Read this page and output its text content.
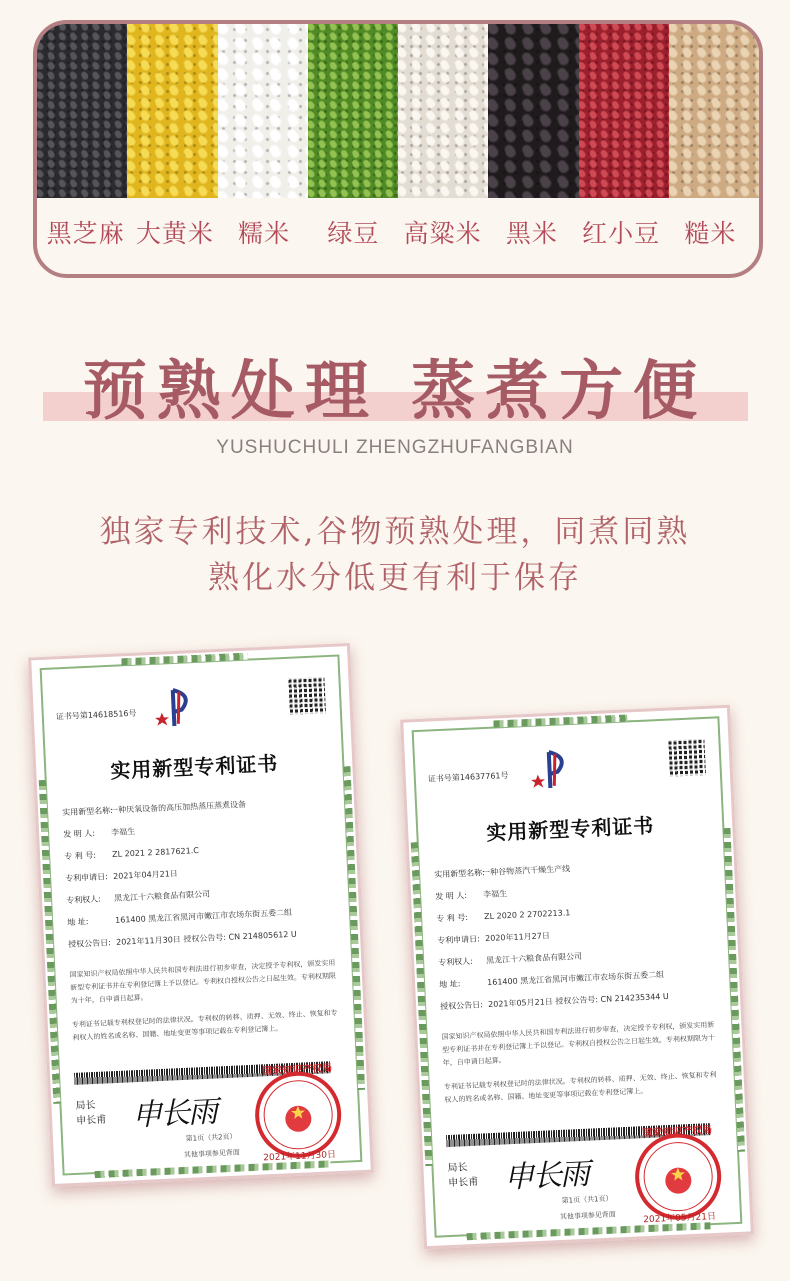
黑芝麻 大黄米 糯米	绿豆 高粱米 黑米 红小豆 糙米
预熟处理 蒸煮方便
YUSHUCHULI ZHENGZHUFANGBIAN
独家专利技术,谷物预熟处理，同煮同熟
熟化水分低更有利于保存
证书号第14618516号
实用新型专利证书
实用新型名称:一种厌氧设备的高压加热蒸压蒸煮设备
发 明 人: 李福生
专 利 号: ZL 2021 2 2817621.C
专利申请日: 2021年04月21日
专利权人: 黑龙江十六粮食品有限公司
地 址:	161400 黑龙江省黑河市嫩江市农场东街五委二组
授权公告日: 2021年11月30日 授权公告号: CN 214805612 U
国家知识产权局依照中华人民共和国专利法进行初步审查，决定授予专利权，颁发实用新型专利证书并在专利登记簿上予以登记。专利权自授权公告之日起生效。专利权期限为十年，自申请日起算。
专利证书记载专利权登记时的法律状况。专利权的转移、质押、无效、终止、恢复和专利权人的姓名或名称、国籍、地址变更等事项记载在专利登记簿上。
局长
申长甫 申长雨
国家知识产权局
2021年11月30日
第1页（共2页）
其他事项参见背面
证书号第14637761号
实用新型专利证书
实用新型名称:一种谷物蒸汽干燥生产线
发 明 人: 李福生
专 利 号: ZL 2020 2 2702213.1
专利申请日: 2020年11月27日
专利权人: 黑龙江十六粮食品有限公司
地 址:	161400 黑龙江省黑河市嫩江市农场东街五委二组
授权公告日: 2021年05月21日 授权公告号: CN 214235344 U
国家知识产权局依照中华人民共和国专利法进行初步审查，决定授予专利权，颁发实用新型专利证书并在专利登记簿上予以登记。专利权自授权公告之日起生效。专利权期限为十年，自申请日起算。
专利证书记载专利权登记时的法律状况。专利权的转移、质押、无效、终止、恢复和专利权人的姓名或名称、国籍、地址变更等事项记载在专利登记簿上。
局长
申长甫 申长雨
国家知识产权局
2021年05月21日
第1页（共1页）
其他事项参见背面
